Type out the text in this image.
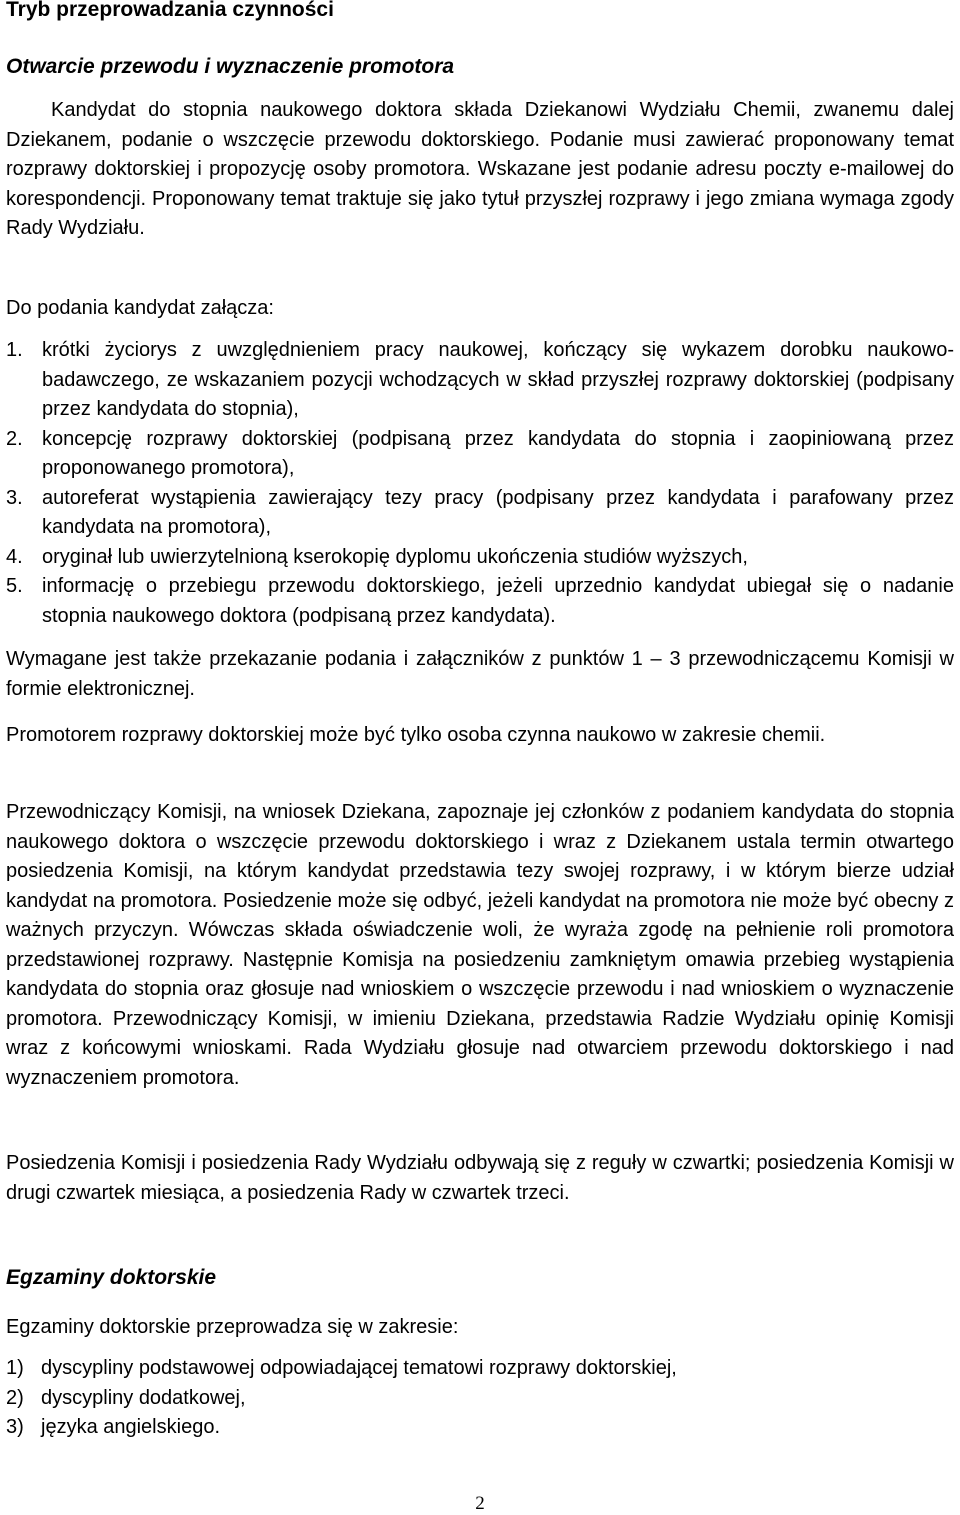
Tryb przeprowadzania czynności
Otwarcie przewodu i wyznaczenie promotora

Kandydat do stopnia naukowego doktora składa Dziekanowi Wydziału Chemii, zwanemu dalej Dziekanem, podanie o wszczęcie przewodu doktorskiego. Podanie musi zawierać proponowany temat rozprawy doktorskiej i propozycję osoby promotora. Wskazane jest podanie adresu poczty e-mailowej do korespondencji. Proponowany temat traktuje się jako tytuł przyszłej rozprawy i jego zmiana wymaga zgody Rady Wydziału.

Do podania kandydat załącza:

1. krótki życiorys z uwzględnieniem pracy naukowej, kończący się wykazem dorobku naukowo-badawczego, ze wskazaniem pozycji wchodzących w skład przyszłej rozprawy doktorskiej (podpisany przez kandydata do stopnia),
2. koncepcję rozprawy doktorskiej (podpisaną przez kandydata do stopnia i zaopiniowaną przez proponowanego promotora),
3. autoreferat wystąpienia zawierający tezy pracy (podpisany przez kandydata i parafowany przez kandydata na promotora),
4. oryginał lub uwierzytelnioną kserokopię dyplomu ukończenia studiów wyższych,
5. informację o przebiegu przewodu doktorskiego, jeżeli uprzednio kandydat ubiegał się o nadanie stopnia naukowego doktora (podpisaną przez kandydata).

Wymagane jest także przekazanie podania i załączników z punktów 1 – 3 przewodniczącemu Komisji w formie elektronicznej.

Promotorem rozprawy doktorskiej może być tylko osoba czynna naukowo w zakresie chemii.

Przewodniczący Komisji, na wniosek Dziekana, zapoznaje jej członków z podaniem kandydata do stopnia naukowego doktora o wszczęcie przewodu doktorskiego i wraz z Dziekanem ustala termin otwartego posiedzenia Komisji, na którym kandydat przedstawia tezy swojej rozprawy, i w którym bierze udział kandydat na promotora. Posiedzenie może się odbyć, jeżeli kandydat na promotora nie może być obecny z ważnych przyczyn. Wówczas składa oświadczenie woli, że wyraża zgodę na pełnienie roli promotora przedstawionej rozprawy. Następnie Komisja na posiedzeniu zamkniętym omawia przebieg wystąpienia kandydata do stopnia oraz głosuje nad wnioskiem o wszczęcie przewodu i nad wnioskiem o wyznaczenie promotora. Przewodniczący Komisji, w imieniu Dziekana, przedstawia Radzie Wydziału opinię Komisji wraz z końcowymi wnioskami. Rada Wydziału głosuje nad otwarciem przewodu doktorskiego i nad wyznaczeniem promotora.

Posiedzenia Komisji i posiedzenia Rady Wydziału odbywają się z reguły w czwartki; posiedzenia Komisji w drugi czwartek miesiąca, a posiedzenia Rady w czwartek trzeci.

Egzaminy doktorskie

Egzaminy doktorskie przeprowadza się w zakresie:

1) dyscypliny podstawowej odpowiadającej tematowi rozprawy doktorskiej,
2) dyscypliny dodatkowej,
3) języka angielskiego.
2
